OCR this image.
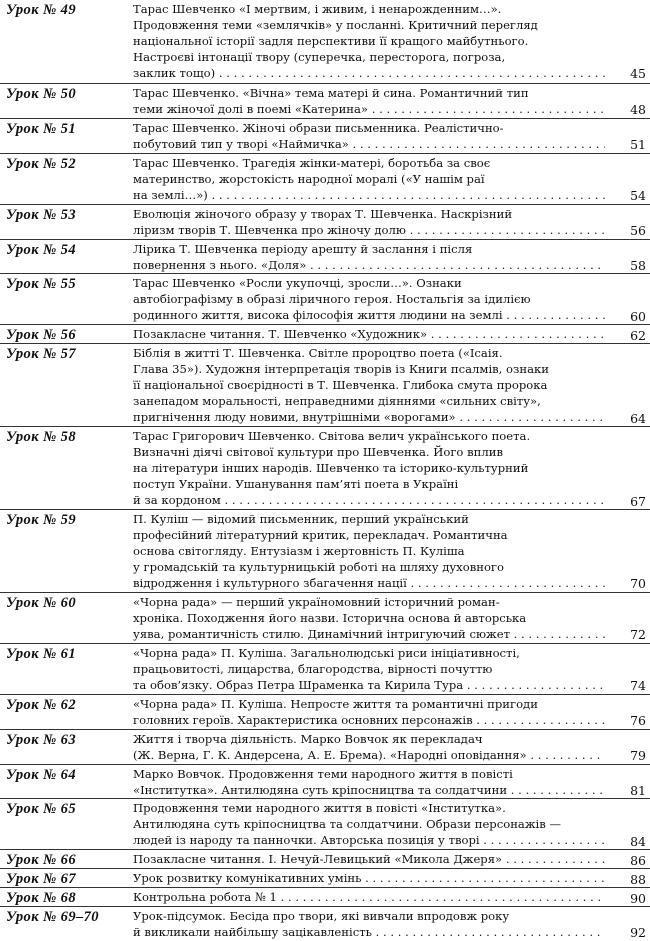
Урок № 49	Тарас Шевченко «І мертвим, і живим, і ненарожденним…».
Продовження теми «землячків» у посланні. Критичний перегляд
національної історії задля перспективи її кращого майбутнього.
Настроєві інтонації твору (суперечка, пересторога, погроза,
заклик тощо) . . .	45
Урок № 50	Тарас Шевченко. «Вічна» тема матері й сина. Романтичний тип
теми жіночої долі в поемі «Катерина» . . .	48
Урок № 51	Тарас Шевченко. Жіночі образи письменника. Реалістично-
побутовий тип у творі «Наймичка» . . .	51
Урок № 52	Тарас Шевченко. Трагедія жінки-матері, боротьба за своє
материнство, жорстокість народної моралі («У нашім раї
на землі…») . . .	54
Урок № 53	Еволюція жіночого образу у творах Т. Шевченка. Наскрізний
ліризм творів Т. Шевченка про жіночу долю . . .	56
Урок № 54	Лірика Т. Шевченка періоду арешту й заслання і після
повернення з нього. «Доля» . . .	58
Урок № 55	Тарас Шевченко «Росли укупочці, зросли…». Ознаки
автобіографізму в образі ліричного героя. Ностальгія за ідилією
родинного життя, висока філософія життя людини на землі . . .	60
Урок № 56	Позакласне читання. Т. Шевченко «Художник» . . .	62
Урок № 57	Біблія в житті Т. Шевченка. Світле пророцтво поета («Ісаія.
Глава 35»). Художня інтерпретація творів із Книги псалмів, ознаки
її національної своєрідності в Т. Шевченка. Глибока смута пророка
занепадом моральності, неправедними діяннями «сильних світу»,
пригнічення люду новими, внутрішніми «ворогами» . . .	64
Урок № 58	Тарас Григорович Шевченко. Світова велич українського поета.
Визначні діячі світової культури про Шевченка. Його вплив
на літератури інших народів. Шевченко та історико-культурний
поступ України. Ушанування пам’яті поета в Україні
й за кордоном . . .	67
Урок № 59	П. Куліш — відомий письменник, перший український
професійний літературний критик, перекладач. Романтична
основа світогляду. Ентузіазм і жертовність П. Куліша
у громадській та культурницькій роботі на шляху духовного
відродження і культурного збагачення нації . . .	70
Урок № 60	«Чорна рада» — перший україномовний історичний роман-
хроніка. Походження його назви. Історична основа й авторська
уява, романтичність стилю. Динамічний інтригуючий сюжет . . .	72
Урок № 61	«Чорна рада» П. Куліша. Загальнолюдські риси ініціативності,
працьовитості, лицарства, благородства, вірності почуттю
та обов’язку. Образ Петра Шраменка та Кирила Тура . . .	74
Урок № 62	«Чорна рада» П. Куліша. Непросте життя та романтичні пригоди
головних героїв. Характеристика основних персонажів . . .	76
Урок № 63	Життя і творча діяльність. Марко Вовчок як перекладач
(Ж. Верна, Г. К. Андерсена, А. Е. Брема). «Народні оповідання» . . .	79
Урок № 64	Марко Вовчок. Продовження теми народного життя в повісті
«Інститутка». Антилюдяна суть кріпосництва та солдатчини . . .	81
Урок № 65	Продовження теми народного життя в повісті «Інститутка».
Антилюдяна суть кріпосництва та солдатчини. Образи персонажів —
людей із народу та панночки. Авторська позиція у творі . . .	84
Урок № 66	Позакласне читання. І. Нечуй-Левицький «Микола Джеря» . . .	86
Урок № 67	Урок розвитку комунікативних умінь . . .	88
Урок № 68	Контрольна робота № 1 . . .	90
Урок № 69–70	Урок-підсумок. Бесіда про твори, які вивчали впродовж року
й викликали найбільшу зацікавленість . . .	92
